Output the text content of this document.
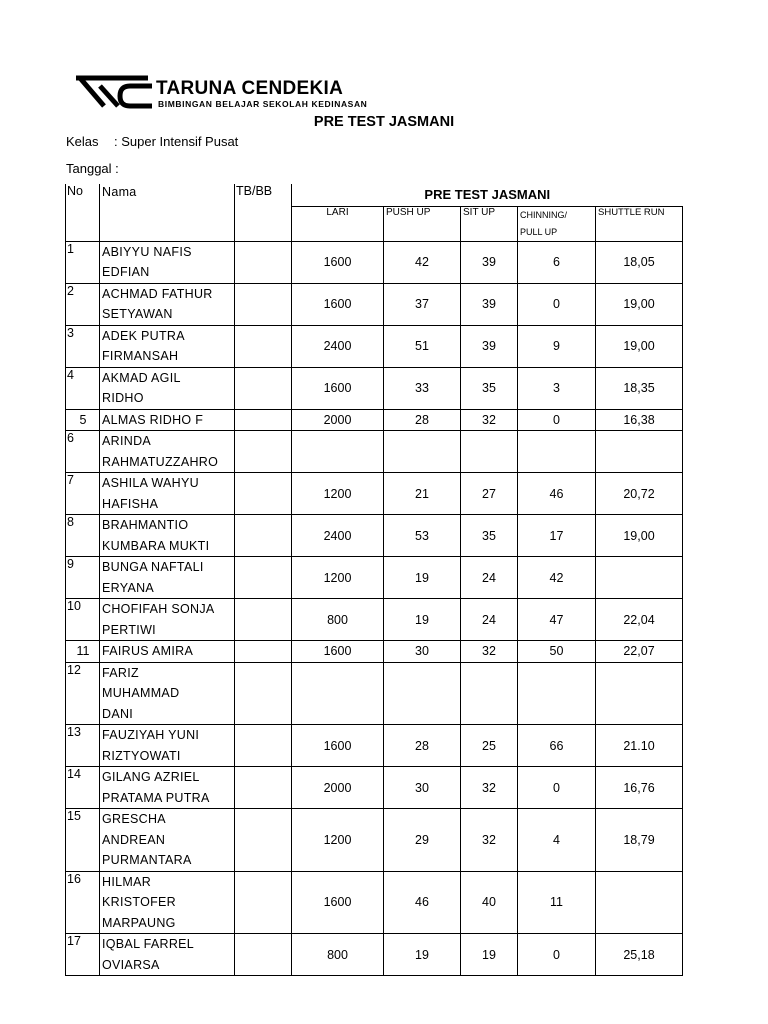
TARUNA CENDEKIA
BIMBINGAN BELAJAR SEKOLAH KEDINASAN
PRE TEST JASMANI
Kelas : Super Intensif Pusat
Tanggal :
No	Nama	TB/BB	PRE TEST JASMANI				
			LARI	PUSH UP	SIT UP	CHINNING/
PULL UP	SHUTTLE RUN
1	ABIYYU NAFIS
EDFIAN		1600	42	39	6	18,05
2	ACHMAD FATHUR
SETYAWAN		1600	37	39	0	19,00
3	ADEK PUTRA
FIRMANSAH		2400	51	39	9	19,00
4	AKMAD AGIL
RIDHO		1600	33	35	3	18,35
5	ALMAS RIDHO F		2000	28	32	0	16,38
6	ARINDA
RAHMATUZZAHRO						

7	ASHILA WAHYU
HAFISHA		1200	21	27	46	20,72
8	BRAHMANTIO
KUMBARA MUKTI		2400	53	35	17	19,00
9	BUNGA NAFTALI
ERYANA		1200	19	24	42	
10	CHOFIFAH SONJA
PERTIWI		800	19	24	47	22,04
11	FAIRUS AMIRA		1600	30	32	50	22,07
12	FARIZ
MUHAMMAD
DANI						

13	FAUZIYAH YUNI
RIZTYOWATI		1600	28	25	66	21.10
14	GILANG AZRIEL
PRATAMA PUTRA		2000	30	32	0	16,76
15	GRESCHA
ANDREAN
PURMANTARA		1200	29	32	4	18,79
16	HILMAR
KRISTOFER
MARPAUNG		1600	46	40	11	
17	IQBAL FARREL
OVIARSA		800	19	19	0	25,18
